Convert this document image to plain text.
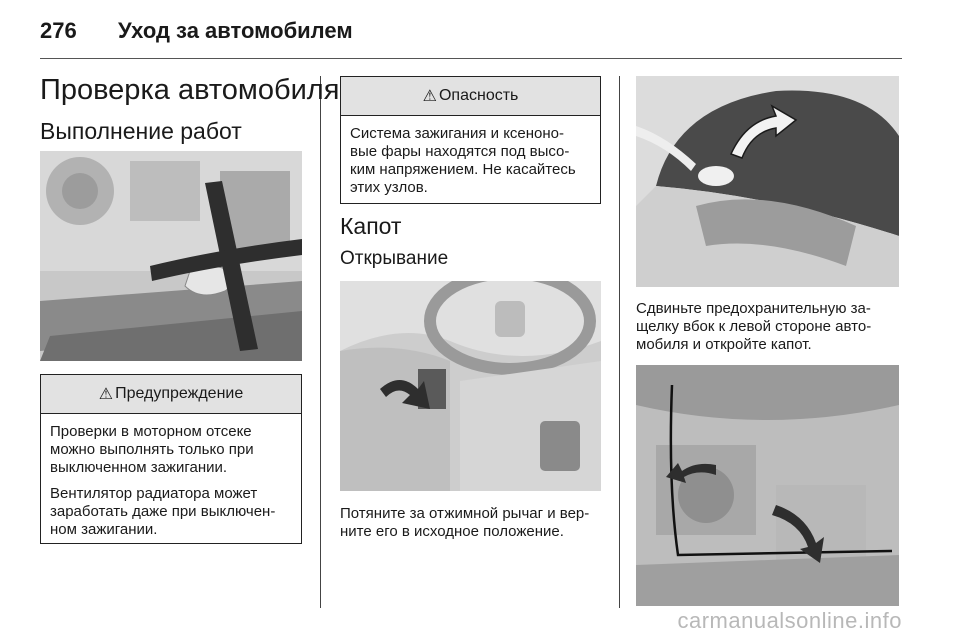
276 Уход за автомобилем
Проверка автомобиля
Выполнение работ
⚠ Предупреждение

Проверки в моторном отсеке
можно выполнять только при
выключенном зажигании.

Вентилятор радиатора может
заработать даже при выключен-
ном зажигании.

⚠ Опасность

Система зажигания и ксеноно-
вые фары находятся под высо-
ким напряжением. Не касайтесь
этих узлов.

Капот
Открывание

Потяните за отжимной рычаг и вер-
ните его в исходное положение.

Сдвиньте предохранительную за-
щелку вбок к левой стороне авто-
мобиля и откройте капот.

carmanualsonline.info
